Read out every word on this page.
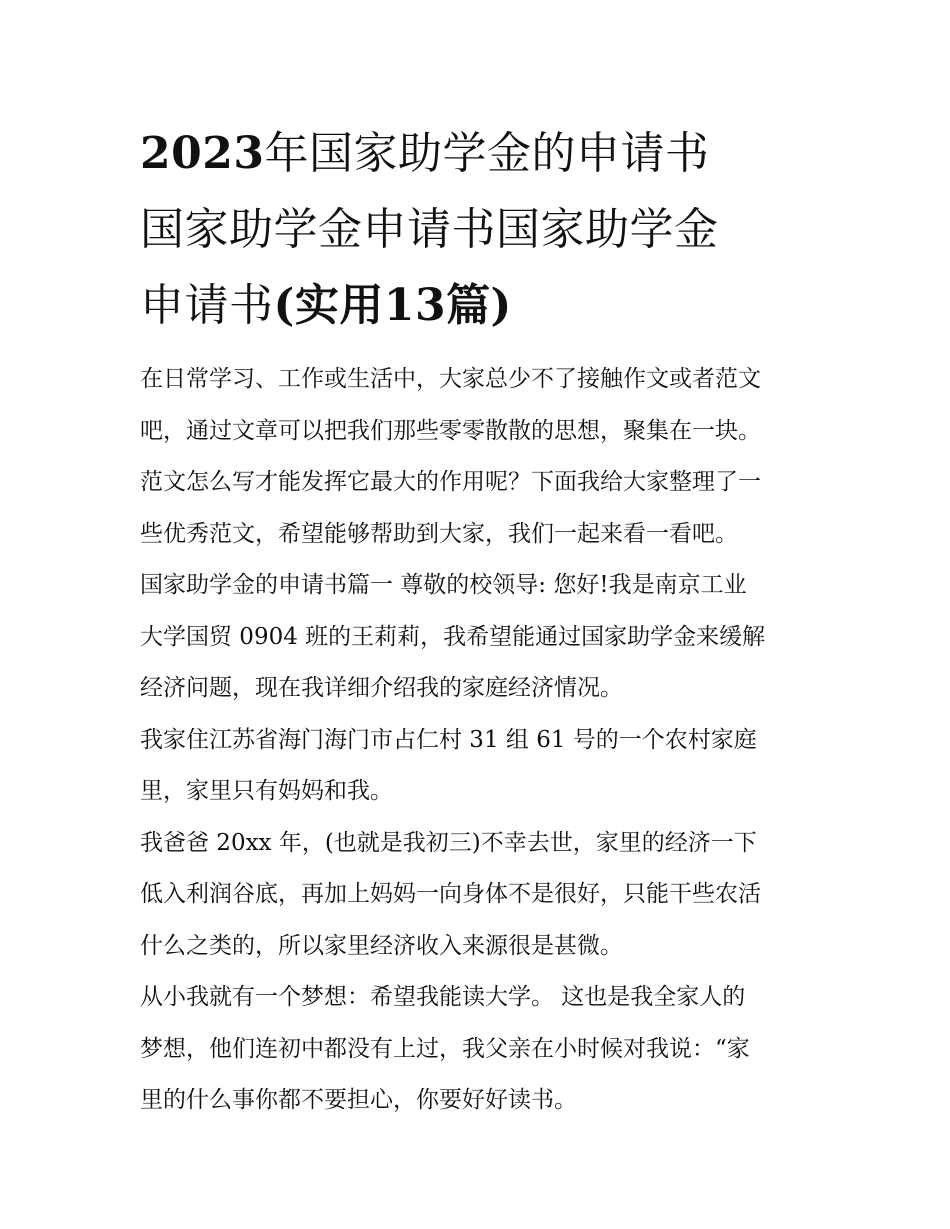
2023年国家助学金的申请书
国家助学金申请书国家助学金
申请书(实用13篇)
在日常学习、工作或生活中，大家总少不了接触作文或者范文
吧，通过文章可以把我们那些零零散散的思想，聚集在一块。
范文怎么写才能发挥它最大的作用呢？下面我给大家整理了一
些优秀范文，希望能够帮助到大家，我们一起来看一看吧。
国家助学金的申请书篇一 尊敬的校领导: 您好!我是南京工业
大学国贸 0904 班的王莉莉，我希望能通过国家助学金来缓解
经济问题，现在我详细介绍我的家庭经济情况。
我家住江苏省海门海门市占仁村 31 组 61 号的一个农村家庭
里，家里只有妈妈和我。
我爸爸 20xx 年，(也就是我初三)不幸去世，家里的经济一下
低入利润谷底，再加上妈妈一向身体不是很好，只能干些农活
什么之类的，所以家里经济收入来源很是甚微。
从小我就有一个梦想：希望我能读大学。 这也是我全家人的
梦想，他们连初中都没有上过，我父亲在小时候对我说：“家
里的什么事你都不要担心，你要好好读书。
